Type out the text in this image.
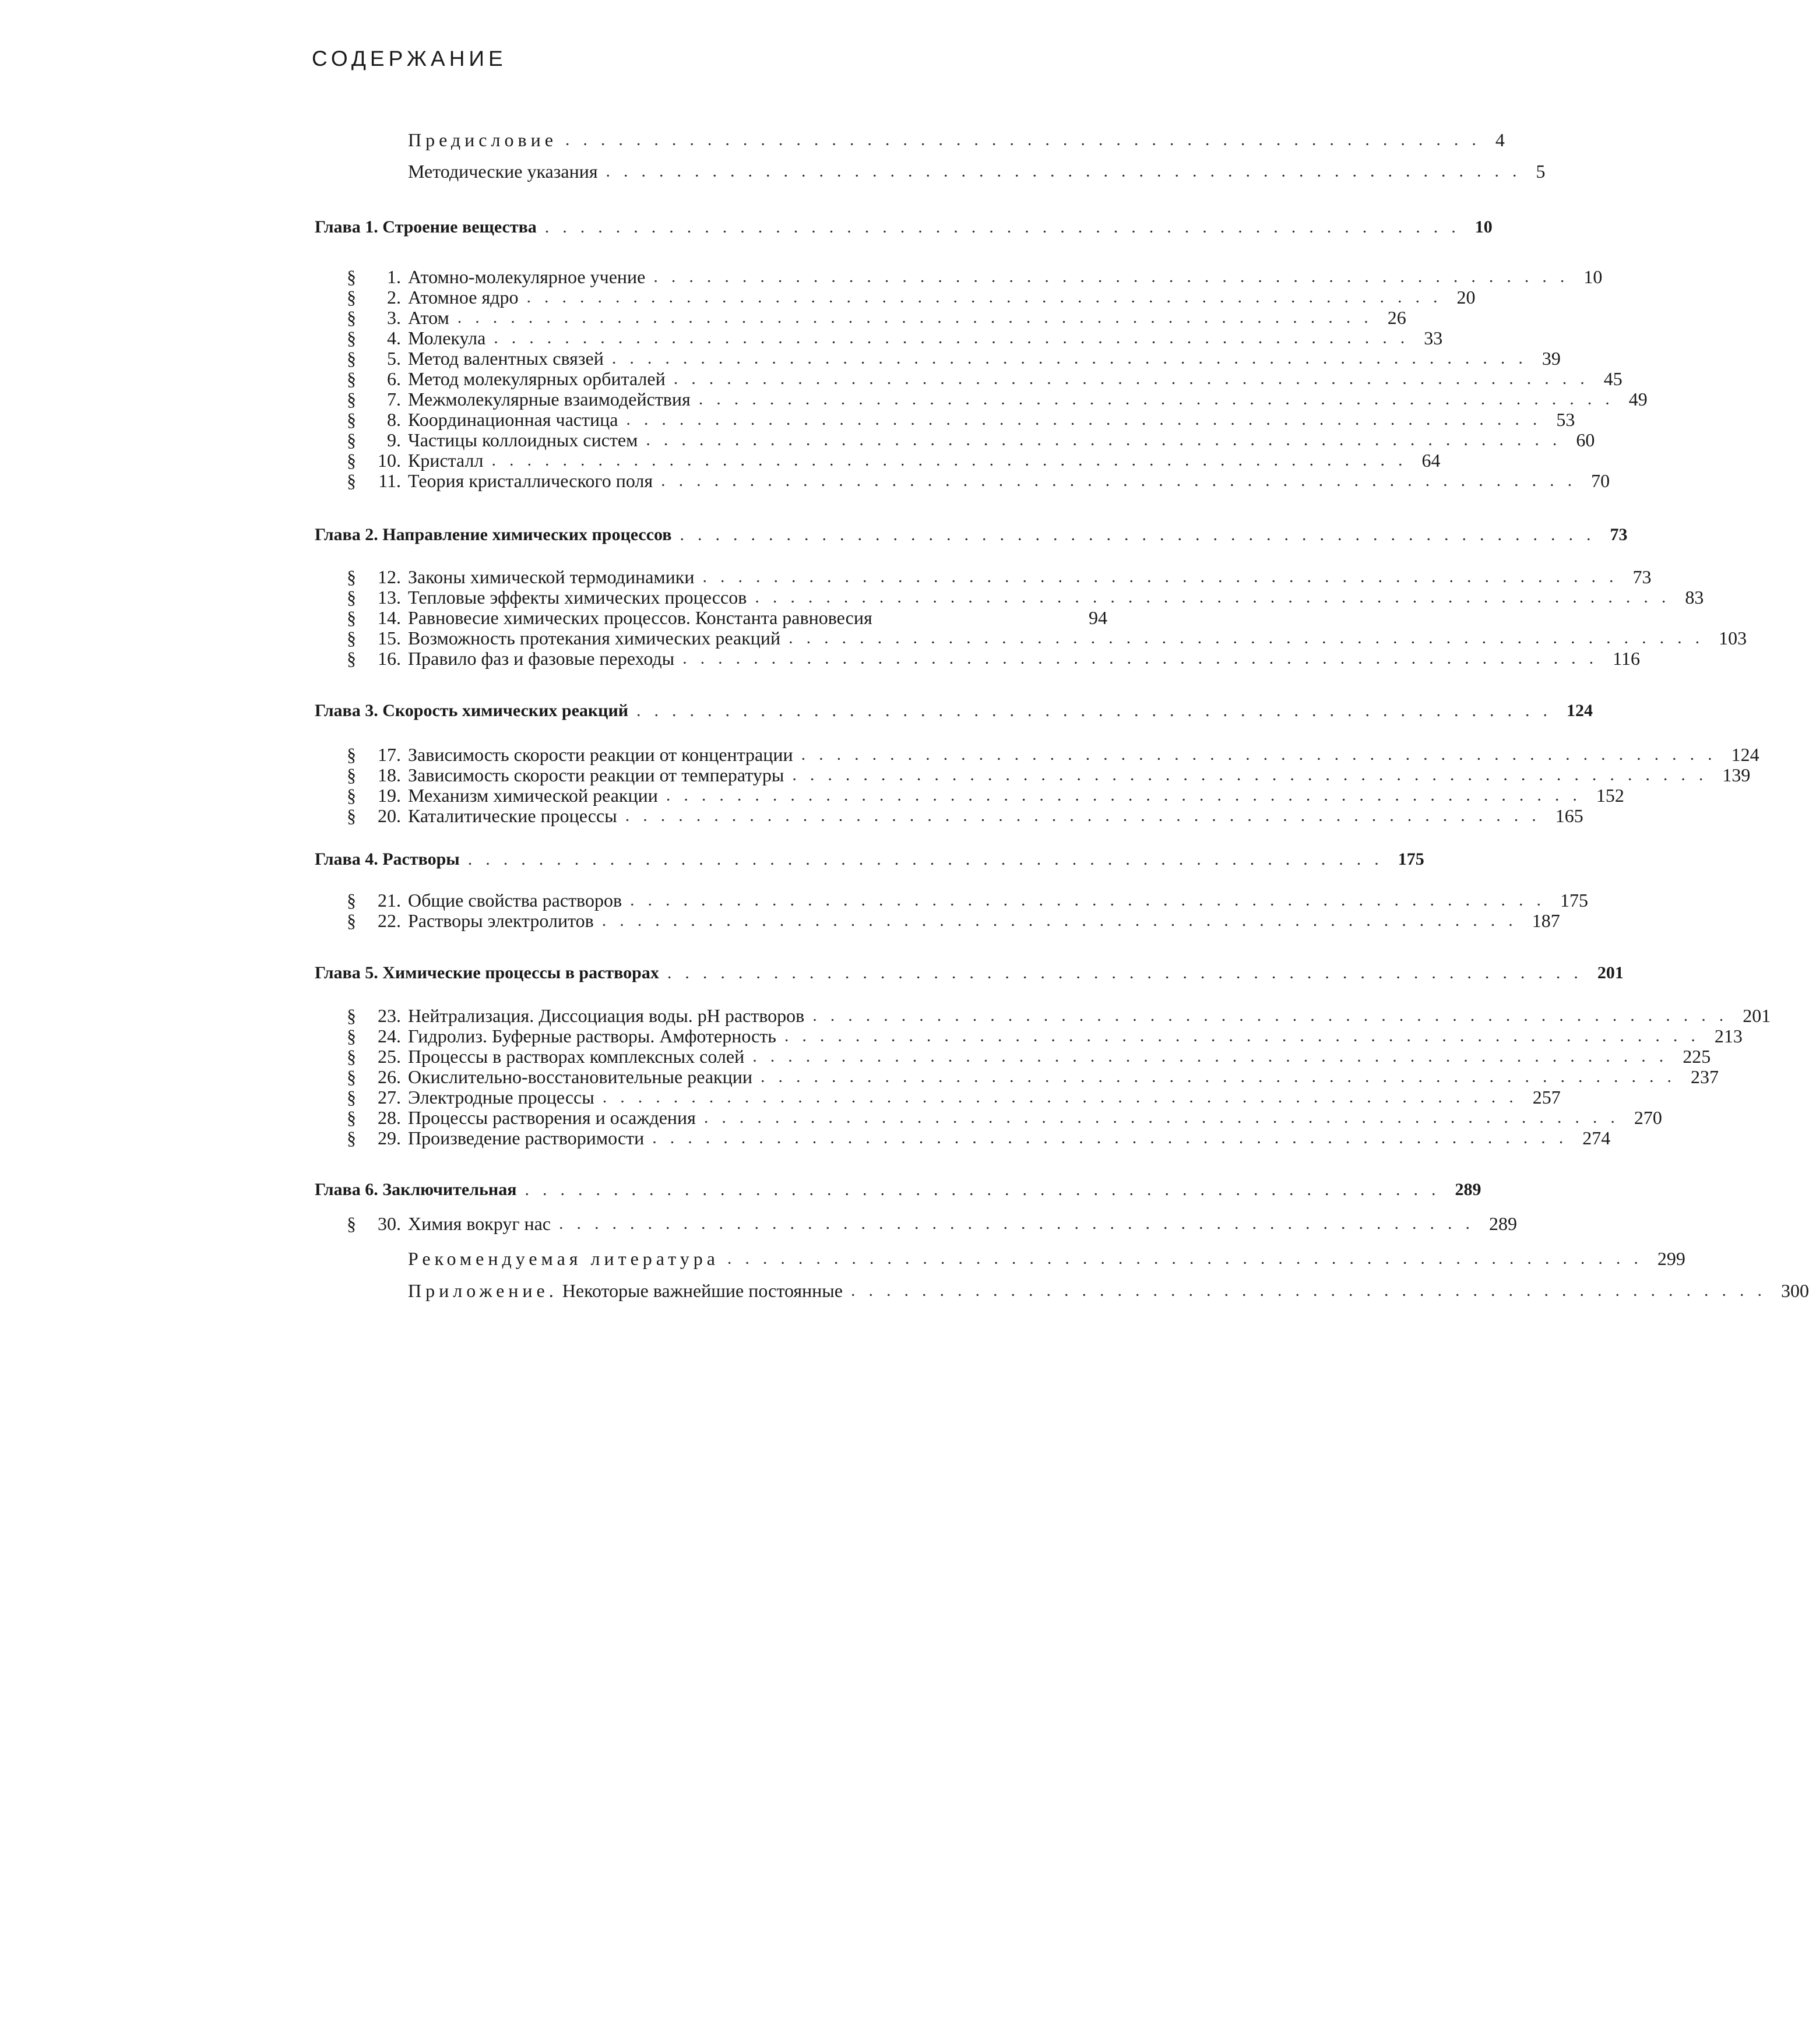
СОДЕРЖАНИЕ
Предисловие .................................................... 4
Методические указания .................................................... 5
Глава 1. Строение вещества .................................................... 10
§	1. Атомно-молекулярное учение .................................................... 10
§	2. Атомное ядро .................................................... 20
§	3. Атом .................................................... 26
§	4. Молекула .................................................... 33
§	5. Метод валентных связей .................................................... 39
§	6. Метод молекулярных орбиталей .................................................... 45
§	7. Межмолекулярные взаимодействия .................................................... 49
§	8. Координационная частица .................................................... 53
§	9. Частицы коллоидных систем .................................................... 60
§	10. Кристалл .................................................... 64
§	11. Теория кристаллического поля .................................................... 70
Глава 2. Направление химических процессов .................................................... 73
§	12. Законы химической термодинамики .................................................... 73
§	13. Тепловые эффекты химических процессов .................................................... 83
§	14. Равновесие химических процессов. Константа равновесия	94
§	15. Возможность протекания химических реакций .................................................... 103
§	16. Правило фаз и фазовые переходы .................................................... 116
Глава 3. Скорость химических реакций .................................................... 124
§	17. Зависимость скорости реакции от концентрации .................................................... 124
§	18. Зависимость скорости реакции от температуры .................................................... 139
§	19. Механизм химической реакции .................................................... 152
§	20. Каталитические процессы .................................................... 165
Глава 4. Растворы .................................................... 175
§	21. Общие свойства растворов .................................................... 175
§	22. Растворы электролитов .................................................... 187
Глава 5. Химические процессы в растворах .................................................... 201
§	23. Нейтрализация. Диссоциация воды. pH растворов .................................................... 201
§	24. Гидролиз. Буферные растворы. Амфотерность .................................................... 213
§	25. Процессы в растворах комплексных солей .................................................... 225
§	26. Окислительно-восстановительные реакции .................................................... 237
§	27. Электродные процессы .................................................... 257
§	28. Процессы растворения и осаждения .................................................... 270
§	29. Произведение растворимости .................................................... 274
Глава 6. Заключительная .................................................... 289
§	30. Химия вокруг нас .................................................... 289
Рекомендуемая литература .................................................... 299
Приложение. Некоторые важнейшие постоянные .................................................... 300
